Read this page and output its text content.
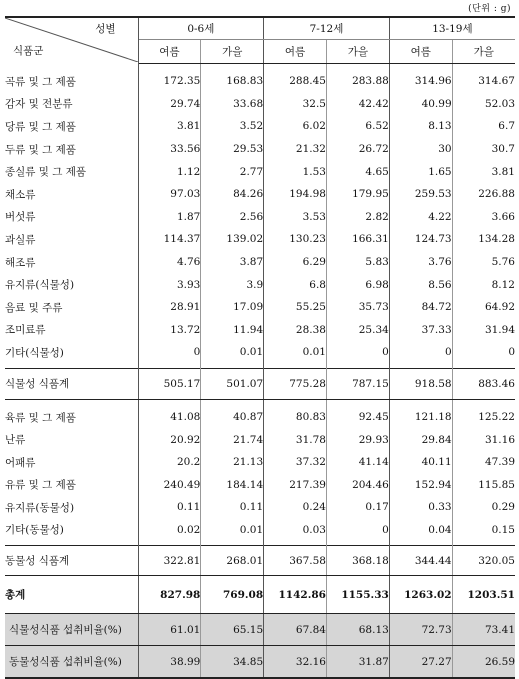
(단위 : g)
성별
식품군	0-6세		7-12세		13-19세	
	여름	가을	여름	가을	여름	가을
곡류 및 그 제품	172.35	168.83	288.45	283.88	314.96	314.67
감자 및 전분류	29.74	33.68	32.5	42.42	40.99	52.03
당류 및 그 제품	3.81	3.52	6.02	6.52	8.13	6.7
두류 및 그 제품	33.56	29.53	21.32	26.72	30	30.7
종실류 및 그 제품	1.12	2.77	1.53	4.65	1.65	3.81
채소류	97.03	84.26	194.98	179.95	259.53	226.88
버섯류	1.87	2.56	3.53	2.82	4.22	3.66
과실류	114.37	139.02	130.23	166.31	124.73	134.28
해조류	4.76	3.87	6.29	5.83	3.76	5.76
유지류(식물성)	3.93	3.9	6.8	6.98	8.56	8.12
음료 및 주류	28.91	17.09	55.25	35.73	84.72	64.92
조미료류	13.72	11.94	28.38	25.34	37.33	31.94
기타(식물성)	0	0.01	0.01	0	0	0
식물성 식품계	505.17	501.07	775.28	787.15	918.58	883.46
육류 및 그 제품	41.08	40.87	80.83	92.45	121.18	125.22
난류	20.92	21.74	31.78	29.93	29.84	31.16
어패류	20.2	21.13	37.32	41.14	40.11	47.39
유류 및 그 제품	240.49	184.14	217.39	204.46	152.94	115.85
유지류(동물성)	0.11	0.11	0.24	0.17	0.33	0.29
기타(동물성)	0.02	0.01	0.03	0	0.04	0.15
동물성 식품계	322.81	268.01	367.58	368.18	344.44	320.05
총계	827.98	769.08	1142.86	1155.33	1263.02	1203.51
식물성식품 섭취비율(%)	61.01	65.15	67.84	68.13	72.73	73.41
동물성식품 섭취비율(%)	38.99	34.85	32.16	31.87	27.27	26.59
